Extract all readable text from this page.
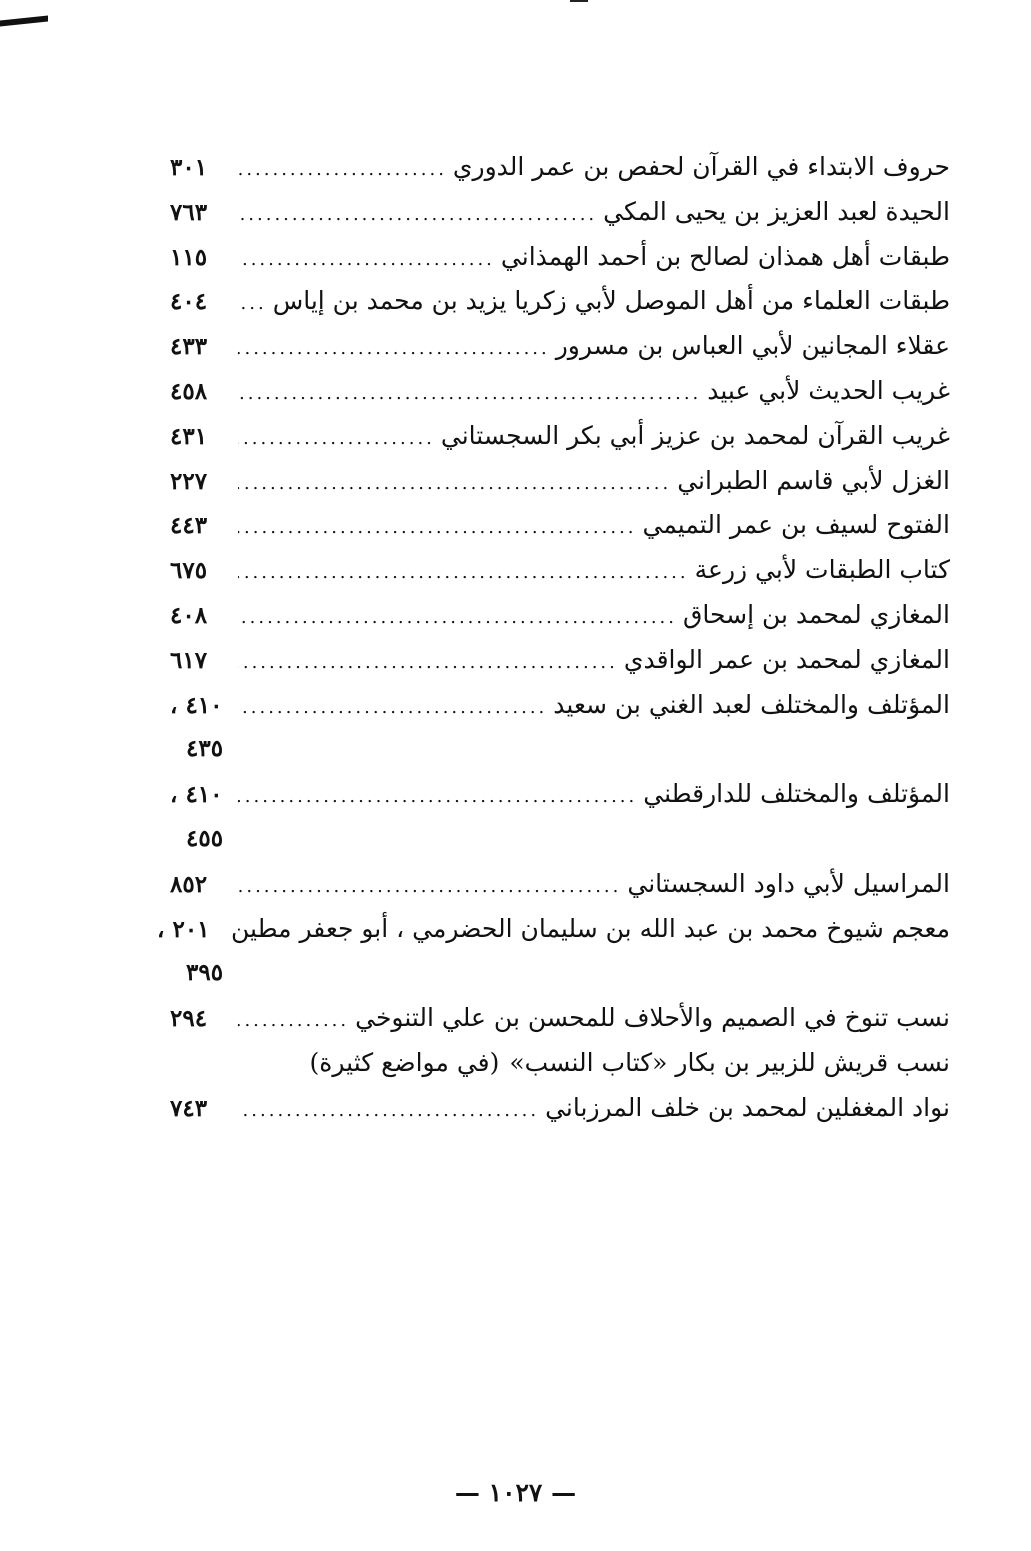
حروف الابتداء في القرآن لحفص بن عمر الدوري
.....
٣٠١
الحيدة لعبد العزيز بن يحيى المكي
.....
٧٦٣
طبقات أهل همذان لصالح بن أحمد الهمذاني
.....
١١٥
طبقات العلماء من أهل الموصل لأبي زكريا يزيد بن محمد بن إياس
.....
٤٠٤
عقلاء المجانين لأبي العباس بن مسرور
.....
٤٣٣
غريب الحديث لأبي عبيد
.....
٤٥٨
غريب القرآن لمحمد بن عزيز أبي بكر السجستاني
.....
٤٣١
الغزل لأبي قاسم الطبراني
.....
٢٢٧
الفتوح لسيف بن عمر التميمي
.....
٤٤٣
كتاب الطبقات لأبي زرعة
.....
٦٧٥
المغازي لمحمد بن إسحاق
.....
٤٠٨
المغازي لمحمد بن عمر الواقدي
.....
٦١٧
المؤتلف والمختلف لعبد الغني بن سعيد
.....
٤١٠ ،
٤٣٥
المؤتلف والمختلف للدارقطني
.....
٤١٠ ،
٤٥٥
المراسيل لأبي داود السجستاني
.....
٨٥٢
معجم شيوخ محمد بن عبد الله بن سليمان الحضرمي ، أبو جعفر مطين
٢٠١ ،
٣٩٥
نسب تنوخ في الصميم والأحلاف للمحسن بن علي التنوخي
.....
٢٩٤
نسب قريش للزبير بن بكار «كتاب النسب»
(في مواضع كثيرة)
نواد المغفلين لمحمد بن خلف المرزباني
.....
٧٤٣
— ١٠٢٧ —
